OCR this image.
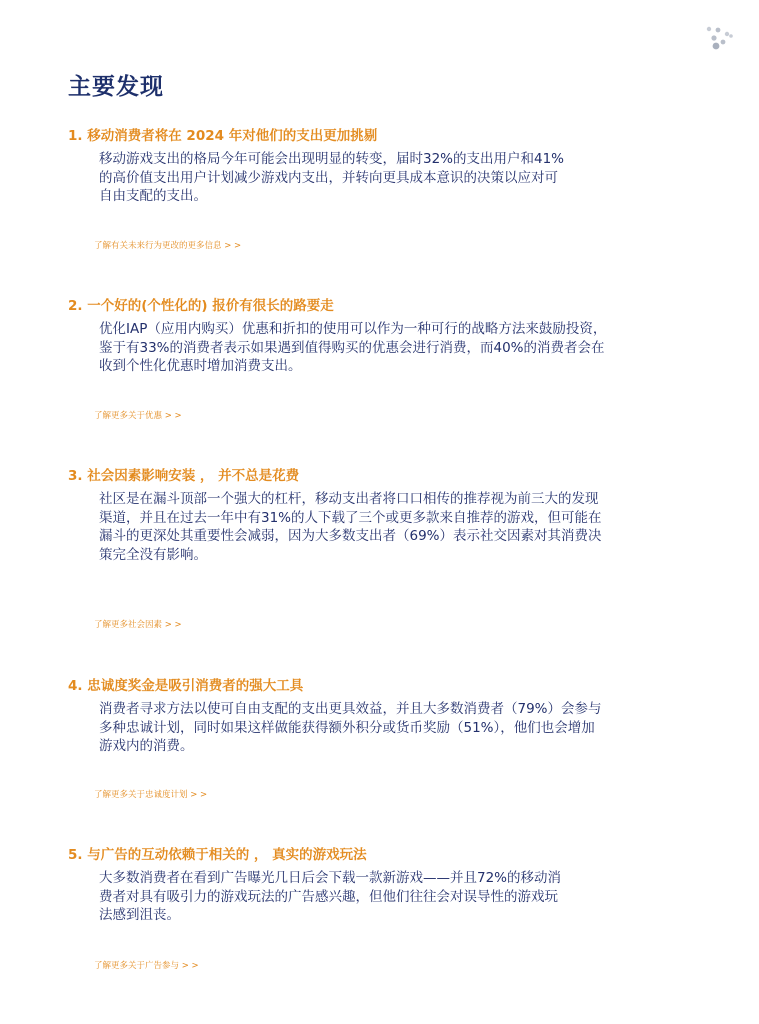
主要发现
1. 移动消费者将在 2024 年对他们的支出更加挑剔
移动游戏支出的格局今年可能会出现明显的转变，届时32%的支出用户和41%
的高价值支出用户计划减少游戏内支出，并转向更具成本意识的决策以应对可
自由支配的支出。
了解有关未来行为更改的更多信息 > >
2. 一个好的(个性化的) 报价有很长的路要走
优化IAP（应用内购买）优惠和折扣的使用可以作为一种可行的战略方法来鼓励投资，
鉴于有33%的消费者表示如果遇到值得购买的优惠会进行消费，而40%的消费者会在
收到个性化优惠时增加消费支出。
了解更多关于优惠 > >
3. 社会因素影响安装 ， 并不总是花费
社区是在漏斗顶部一个强大的杠杆，移动支出者将口口相传的推荐视为前三大的发现
渠道，并且在过去一年中有31%的人下载了三个或更多款来自推荐的游戏，但可能在
漏斗的更深处其重要性会减弱，因为大多数支出者（69%）表示社交因素对其消费决
策完全没有影响。
了解更多社会因素 > >
4. 忠诚度奖金是吸引消费者的强大工具
消费者寻求方法以使可自由支配的支出更具效益，并且大多数消费者（79%）会参与
多种忠诚计划，同时如果这样做能获得额外积分或货币奖励（51%），他们也会增加
游戏内的消费。
了解更多关于忠诚度计划 > >
5. 与广告的互动依赖于相关的 ， 真实的游戏玩法
大多数消费者在看到广告曝光几日后会下载一款新游戏——并且72%的移动消
费者对具有吸引力的游戏玩法的广告感兴趣，但他们往往会对误导性的游戏玩
法感到沮丧。
了解更多关于广告参与 > >
